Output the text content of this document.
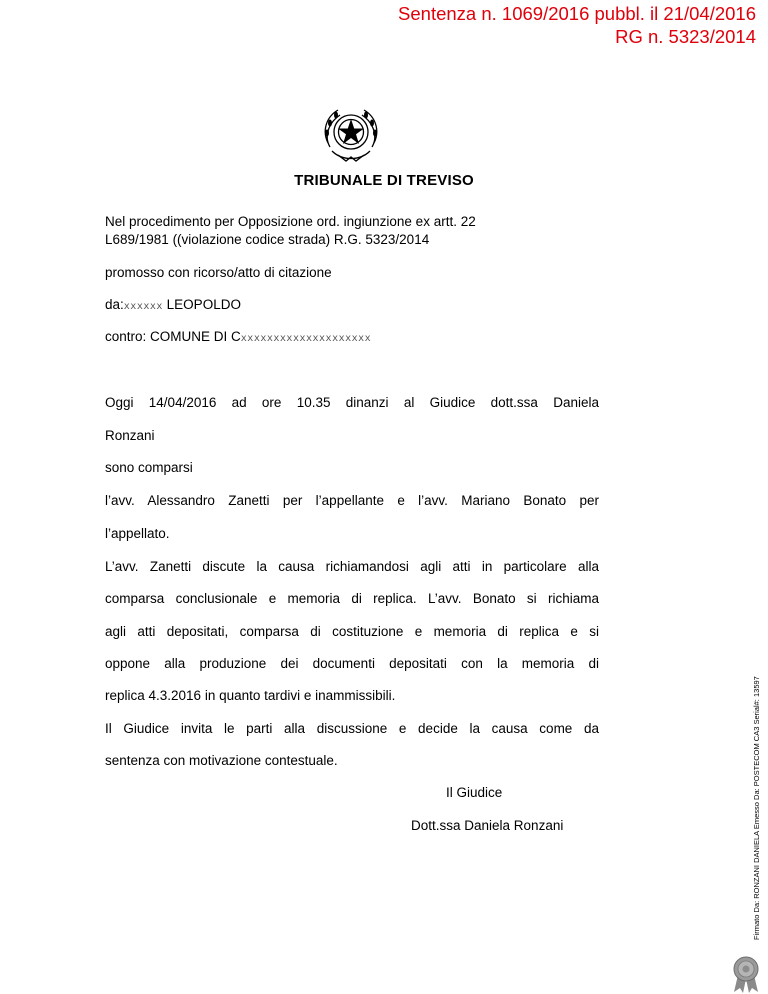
Sentenza n. 1069/2016 pubbl. il 21/04/2016
RG n. 5323/2014
TRIBUNALE DI TREVISO
Nel procedimento per Opposizione ord. ingiunzione ex artt. 22
L689/1981 ((violazione codice strada) R.G. 5323/2014
promosso con ricorso/atto di citazione
da:xxxxxx LEOPOLDO
contro: COMUNE DI Cxxxxxxxxxxxxxxxxxxxx
Oggi 14/04/2016 ad ore 10.35 dinanzi al Giudice dott.ssa Daniela
Ronzani
sono comparsi
l’avv. Alessandro Zanetti per l’appellante e l’avv. Mariano Bonato per
l’appellato.
L’avv. Zanetti discute la causa richiamandosi agli atti in particolare alla
comparsa conclusionale e memoria di replica. L’avv. Bonato si richiama
agli atti depositati, comparsa di costituzione e memoria di replica e si
oppone alla produzione dei documenti depositati con la memoria di
replica 4.3.2016 in quanto tardivi e inammissibili.
Il Giudice invita le parti alla discussione e decide la causa come da
sentenza con motivazione contestuale.
Il Giudice
Dott.ssa Daniela Ronzani	Firmato Da: RONZANI DANIELA Emesso Da: POSTECOM CA3 Serial#: 13597
